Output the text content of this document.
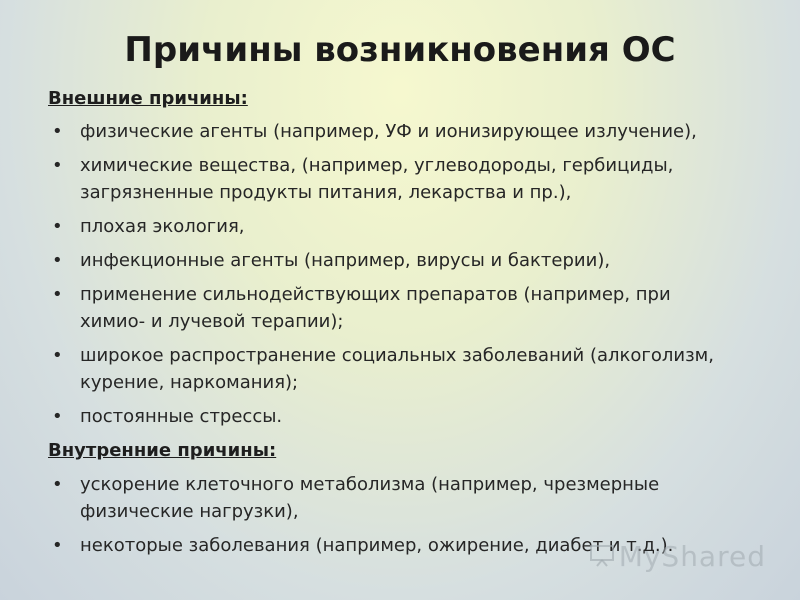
Причины возникновения ОС
Внешние причины:
• физические агенты (например, УФ и ионизирующее излучение),
• химические вещества, (например, углеводороды, гербициды,
загрязненные продукты питания, лекарства и пр.),
• плохая экология,
• инфекционные агенты (например, вирусы и бактерии),
• применение сильнодействующих препаратов (например, при
химио- и лучевой терапии);
• широкое распространение социальных заболеваний (алкоголизм,
курение, наркомания);
• постоянные стрессы.
Внутренние причины:
• ускорение клеточного метаболизма (например, чрезмерные
физические нагрузки),
• некоторые заболевания (например, ожирение, диабет и т.д.).
MyShared
